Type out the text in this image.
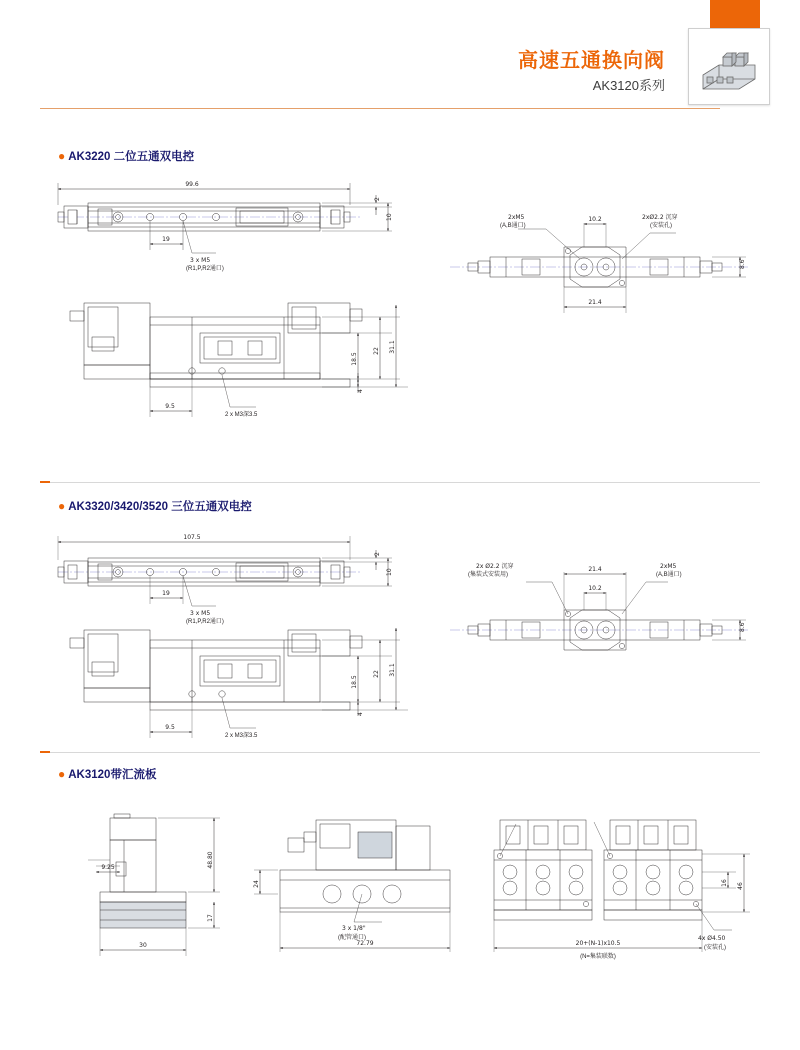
高速五通换向阀
AK3120系列
● AK3220 二位五通双电控
99.6
19
2
10
3 x M5
(R1,P,R2通口)
18.5
22 31.1
4
9.5
2 x M3深3.5
2xM5
(A,B通口)
2xØ2.2 沉穿
(安装孔)
10.2
21.4
8.6
● AK3320/3420/3520 三位五通双电控
107.5
19
2
10
3 x M5
(R1,P,R2通口)
18.5
22 31.1
4
9.5
2 x M3深3.5
2x Ø2.2 沉穿
(集装式安装用)
2xM5
(A,B通口)
10.2
21.4
8.6
● AK3120带汇流板
48.80
17
9.25
30
24
3 x 1/8"
(配管通口)
72.79
4x Ø4.50
(安装孔)
16 46
20+(N-1)x10.5
(N=集装联数)
